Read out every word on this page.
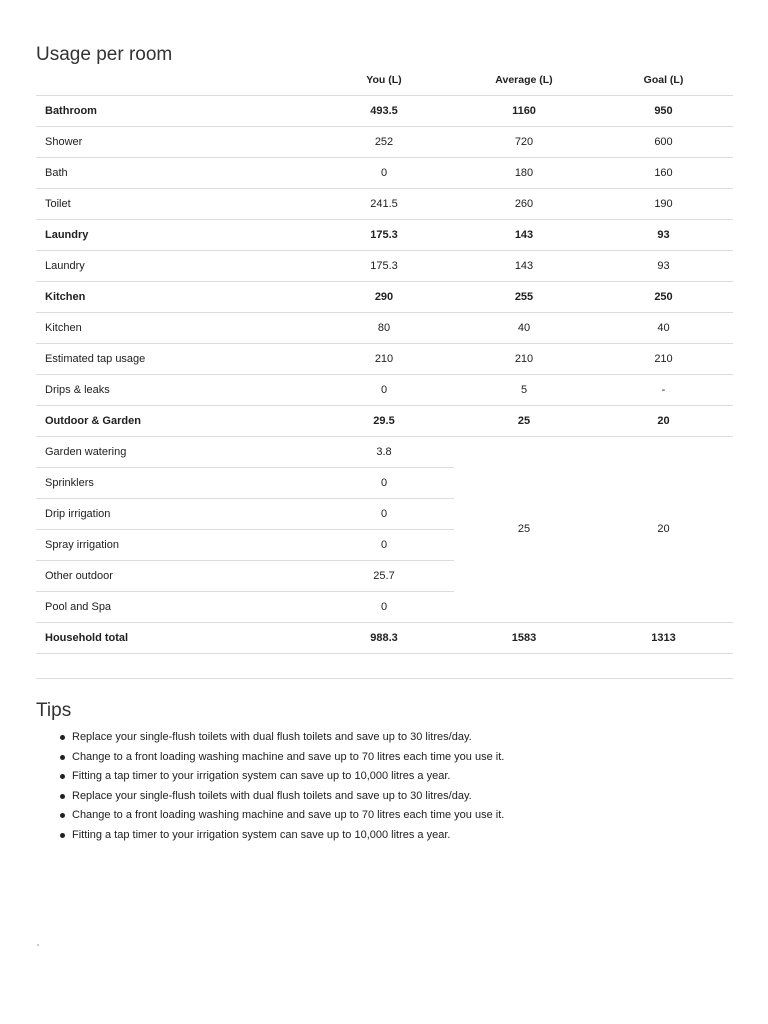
Usage per room
	You (L)	Average (L)	Goal (L)
Bathroom	493.5	1160	950
Shower	252	720	600
Bath	0	180	160
Toilet	241.5	260	190
Laundry	175.3	143	93
Laundry	175.3	143	93
Kitchen	290	255	250
Kitchen	80	40	40
Estimated tap usage	210	210	210
Drips & leaks	0	5	-
Outdoor & Garden	29.5	25	20
Garden watering	3.8	25	20
Sprinklers	0		
Drip irrigation	0		
Spray irrigation	0		
Other outdoor	25.7		
Pool and Spa	0		
Household total	988.3	1583	1313
Tips
Replace your single-flush toilets with dual flush toilets and save up to 30 litres/day.
Change to a front loading washing machine and save up to 70 litres each time you use it.
Fitting a tap timer to your irrigation system can save up to 10,000 litres a year.
Replace your single-flush toilets with dual flush toilets and save up to 30 litres/day.
Change to a front loading washing machine and save up to 70 litres each time you use it.
Fitting a tap timer to your irrigation system can save up to 10,000 litres a year.
